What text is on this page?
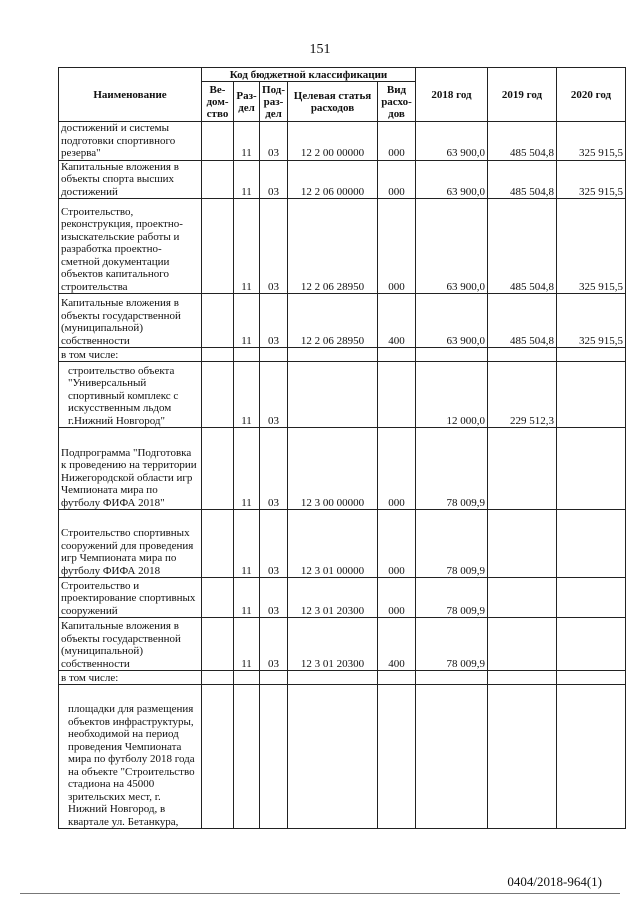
151
Наименование	Код бюджетной классификации					2018 год	2019 год	2020 год
	Ве-дом-ство	Раз-дел	Под-раз-дел	Целевая статья расходов	Вид расхо-дов			
достижений и системы подготовки спортивного резерва"		11	03	12 2 00 00000	000	63 900,0	485 504,8	325 915,5
Капитальные вложения в объекты спорта высших достижений		11	03	12 2 06 00000	000	63 900,0	485 504,8	325 915,5
Строительство, реконструкция, проектно-изыскательские работы и разработка проектно-сметной документации объектов капитального строительства		11	03	12 2 06 28950	000	63 900,0	485 504,8	325 915,5
Капитальные вложения в объекты государственной (муниципальной) собственности		11	03	12 2 06 28950	400	63 900,0	485 504,8	325 915,5
в том числе:								
строительство объекта "Универсальный спортивный комплекс с искусственным льдом г.Нижний Новгород"		11	03			12 000,0	229 512,3	
Подпрограмма "Подготовка к проведению на территории Нижегородской области игр Чемпионата мира по футболу ФИФА 2018"		11	03	12 3 00 00000	000	78 009,9		
Строительство спортивных сооружений для проведения игр Чемпионата мира по футболу ФИФА 2018		11	03	12 3 01 00000	000	78 009,9		
Строительство и проектирование спортивных сооружений		11	03	12 3 01 20300	000	78 009,9		
Капитальные вложения в объекты государственной (муниципальной) собственности		11	03	12 3 01 20300	400	78 009,9		
в том числе:								
площадки для размещения объектов инфраструктуры, необходимой на период проведения Чемпионата мира по футболу 2018 года на объекте "Строительство стадиона на 45000 зрительских мест, г. Нижний Новгород, в квартале ул. Бетанкура,								
0404/2018-964(1)
